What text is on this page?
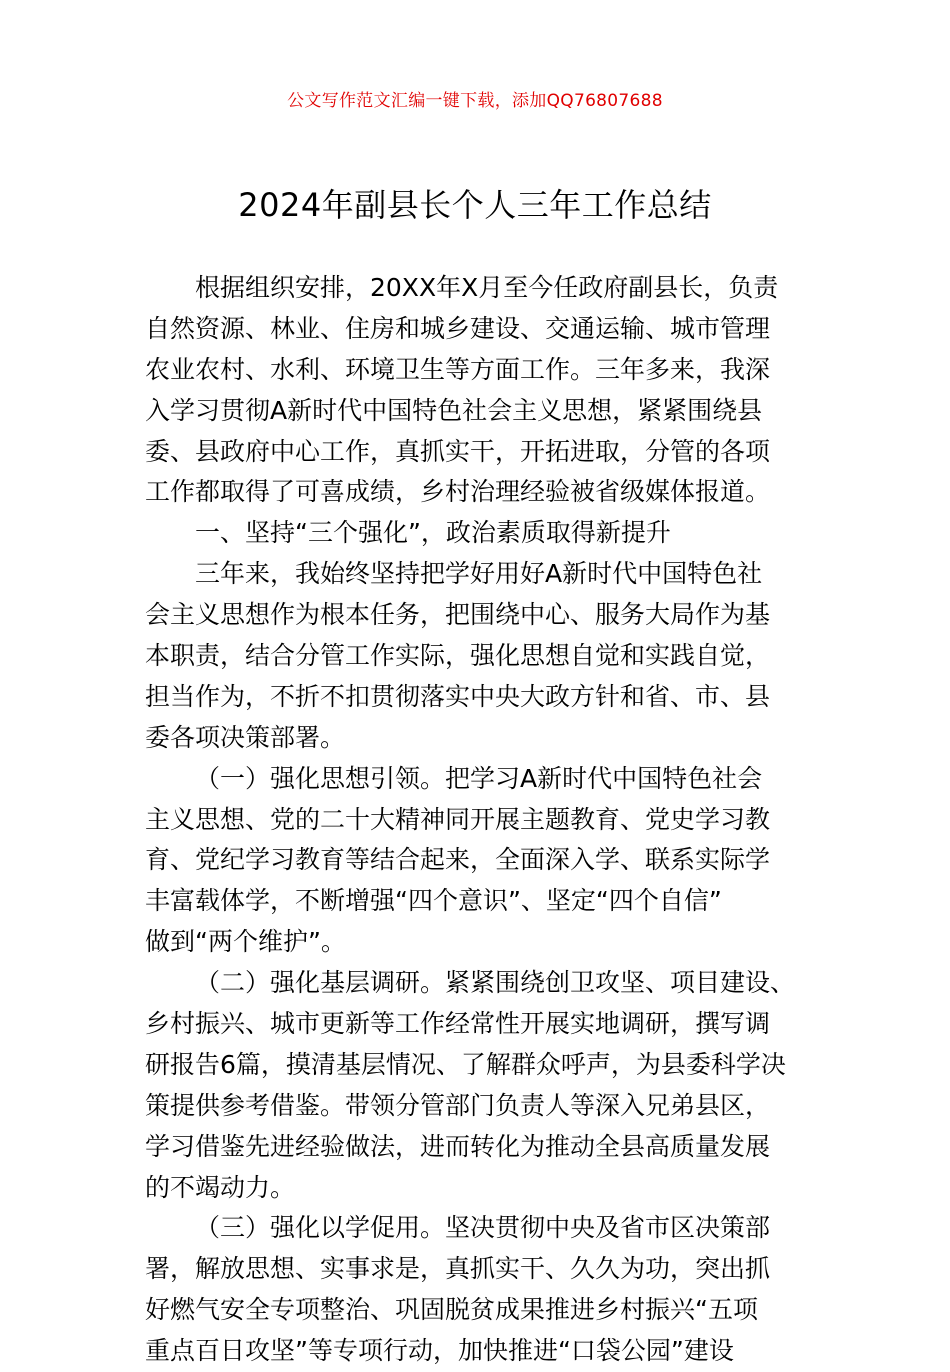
公文写作范文汇编一键下载，添加QQ76807688
2024年副县长个人三年工作总结
根据组织安排，20XX年X月至今任政府副县长，负责
自然资源、林业、住房和城乡建设、交通运输、城市管理
农业农村、水利、环境卫生等方面工作。三年多来，我深
入学习贯彻A新时代中国特色社会主义思想，紧紧围绕县
委、县政府中心工作，真抓实干，开拓进取，分管的各项
工作都取得了可喜成绩，乡村治理经验被省级媒体报道。
一、坚持“三个强化”，政治素质取得新提升
三年来，我始终坚持把学好用好A新时代中国特色社
会主义思想作为根本任务，把围绕中心、服务大局作为基
本职责，结合分管工作实际，强化思想自觉和实践自觉，
担当作为，不折不扣贯彻落实中央大政方针和省、市、县
委各项决策部署。
（一）强化思想引领。把学习A新时代中国特色社会
主义思想、党的二十大精神同开展主题教育、党史学习教
育、党纪学习教育等结合起来，全面深入学、联系实际学
丰富载体学，不断增强“四个意识”、坚定“四个自信”
做到“两个维护”。
（二）强化基层调研。紧紧围绕创卫攻坚、项目建设、
乡村振兴、城市更新等工作经常性开展实地调研，撰写调
研报告6篇，摸清基层情况、了解群众呼声，为县委科学决
策提供参考借鉴。带领分管部门负责人等深入兄弟县区，
学习借鉴先进经验做法，进而转化为推动全县高质量发展
的不竭动力。
（三）强化以学促用。坚决贯彻中央及省市区决策部
署，解放思想、实事求是，真抓实干、久久为功，突出抓
好燃气安全专项整治、巩固脱贫成果推进乡村振兴“五项
重点百日攻坚”等专项行动，加快推进“口袋公园”建设
